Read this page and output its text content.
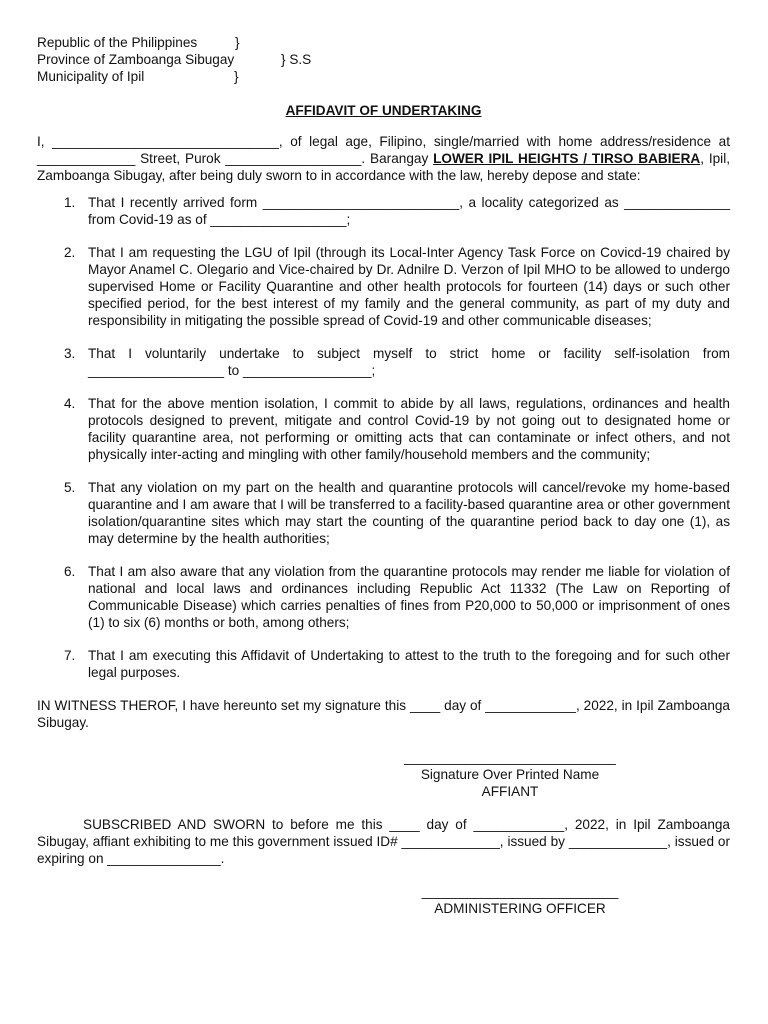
Republic of the Philippines	}
Province of Zamboanga Sibugay	} S.S
Municipality of Ipil	}
AFFIDAVIT OF UNDERTAKING
I, ______________________________, of legal age, Filipino, single/married with home address/residence at _____________ Street, Purok __________________. Barangay LOWER IPIL HEIGHTS / TIRSO BABIERA, Ipil, Zamboanga Sibugay, after being duly sworn to in accordance with the law, hereby depose and state:
1. That I recently arrived form __________________________, a locality categorized as ______________ from Covid-19 as of __________________;
2. That I am requesting the LGU of Ipil (through its Local-Inter Agency Task Force on Covicd-19 chaired by Mayor Anamel C. Olegario and Vice-chaired by Dr. Adnilre D. Verzon of Ipil MHO to be allowed to undergo supervised Home or Facility Quarantine and other health protocols for fourteen (14) days or such other specified period, for the best interest of my family and the general community, as part of my duty and responsibility in mitigating the possible spread of Covid-19 and other communicable diseases;
3. That I voluntarily undertake to subject myself to strict home or facility self-isolation from __________________ to _________________;
4. That for the above mention isolation, I commit to abide by all laws, regulations, ordinances and health protocols designed to prevent, mitigate and control Covid-19 by not going out to designated home or facility quarantine area, not performing or omitting acts that can contaminate or infect others, and not physically inter-acting and mingling with other family/household members and the community;
5. That any violation on my part on the health and quarantine protocols will cancel/revoke my home-based quarantine and I am aware that I will be transferred to a facility-based quarantine area or other government isolation/quarantine sites which may start the counting of the quarantine period back to day one (1), as may determine by the health authorities;
6. That I am also aware that any violation from the quarantine protocols may render me liable for violation of national and local laws and ordinances including Republic Act 11332 (The Law on Reporting of Communicable Disease) which carries penalties of fines from P20,000 to 50,000 or imprisonment of ones (1) to six (6) months or both, among others;
7. That I am executing this Affidavit of Undertaking to attest to the truth to the foregoing and for such other legal purposes.
IN WITNESS THEROF, I have hereunto set my signature this ____ day of ____________, 2022, in Ipil Zamboanga Sibugay.
____________________________
Signature Over Printed Name
AFFIANT
SUBSCRIBED AND SWORN to before me this ____ day of ____________, 2022, in Ipil Zamboanga Sibugay, affiant exhibiting to me this government issued ID# _____________, issued by _____________, issued or expiring on _______________.
__________________________
ADMINISTERING OFFICER
